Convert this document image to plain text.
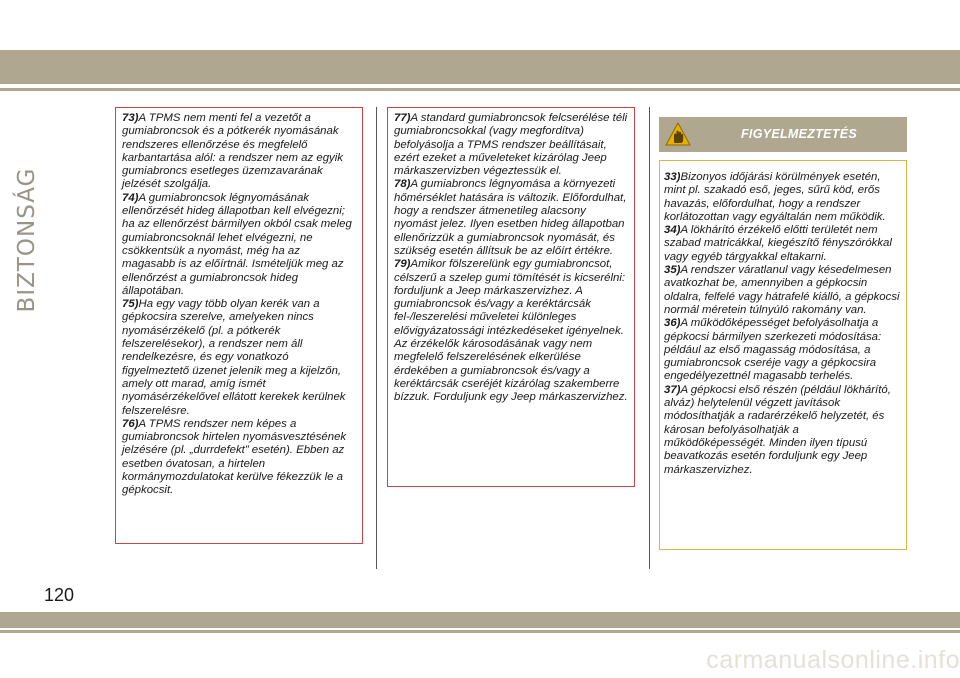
BIZTONSÁG

73)A TPMS nem menti fel a vezetőt a gumiabroncsok és a pótkerék nyomásának rendszeres ellenőrzése és megfelelő karbantartása alól: a rendszer nem az egyik gumiabroncs esetleges üzemzavarának jelzését szolgálja.

74)A gumiabroncsok légnyomásának ellenőrzését hideg állapotban kell elvégezni; ha az ellenőrzést bármilyen okból csak meleg gumiabroncsoknál lehet elvégezni, ne csökkentsük a nyomást, még ha az magasabb is az előírtnál. Ismételjük meg az ellenőrzést a gumiabroncsok hideg állapotában.

75)Ha egy vagy több olyan kerék van a gépkocsira szerelve, amelyeken nincs nyomásérzékelő (pl. a pótkerék felszerelésekor), a rendszer nem áll rendelkezésre, és egy vonatkozó figyelmeztető üzenet jelenik meg a kijelzőn, amely ott marad, amíg ismét nyomásérzékelővel ellátott kerekek kerülnek felszerelésre.

76)A TPMS rendszer nem képes a gumiabroncsok hirtelen nyomásvesztésének jelzésére (pl. „durrdefekt” esetén). Ebben az esetben óvatosan, a hirtelen kormánymozdulatokat kerülve fékezzük le a gépkocsit.

77)A standard gumiabroncsok felcserélése téli gumiabroncsokkal (vagy megfordítva) befolyásolja a TPMS rendszer beállításait, ezért ezeket a műveleteket kizárólag Jeep márkaszervizben végeztessük el.

78)A gumiabroncs légnyomása a környezeti hőmérséklet hatására is változik. Előfordulhat, hogy a rendszer átmenetileg alacsony nyomást jelez. Ilyen esetben hideg állapotban ellenőrizzük a gumiabroncsok nyomását, és szükség esetén állítsuk be az előírt értékre.

79)Amikor fölszerelünk egy gumiabroncsot, célszerű a szelep gumi tömítését is kicserélni: forduljunk a Jeep márkaszervizhez. A gumiabroncsok és/vagy a keréktárcsák fel-/leszerelési műveletei különleges elővigyázatossági intézkedéseket igényelnek. Az érzékelők károsodásának vagy nem megfelelő felszerelésének elkerülése érdekében a gumiabroncsok és/vagy a keréktárcsák cseréjét kizárólag szakemberre bízzuk. Forduljunk egy Jeep márkaszervizhez.

FIGYELMEZTETÉS

33)Bizonyos időjárási körülmények esetén, mint pl. szakadó eső, jeges, sűrű köd, erős havazás, előfordulhat, hogy a rendszer korlátozottan vagy egyáltalán nem működik.

34)A lökhárító érzékelő előtti területét nem szabad matricákkal, kiegészítő fényszórókkal vagy egyéb tárgyakkal eltakarni.

35)A rendszer váratlanul vagy késedelmesen avatkozhat be, amennyiben a gépkocsin oldalra, felfelé vagy hátrafelé kiálló, a gépkocsi normál méretein túlnyúló rakomány van.

36)A működőképességet befolyásolhatja a gépkocsi bármilyen szerkezeti módosítása: például az első magasság módosítása, a gumiabroncsok cseréje vagy a gépkocsira engedélyezettnél magasabb terhelés.

37)A gépkocsi első részén (például lökhárító, alváz) helytelenül végzett javítások módosíthatják a radarérzékelő helyzetét, és károsan befolyásolhatják a működőképességét. Minden ilyen típusú beavatkozás esetén forduljunk egy Jeep márkaszervizhez.

120
carmanualsonline.info
